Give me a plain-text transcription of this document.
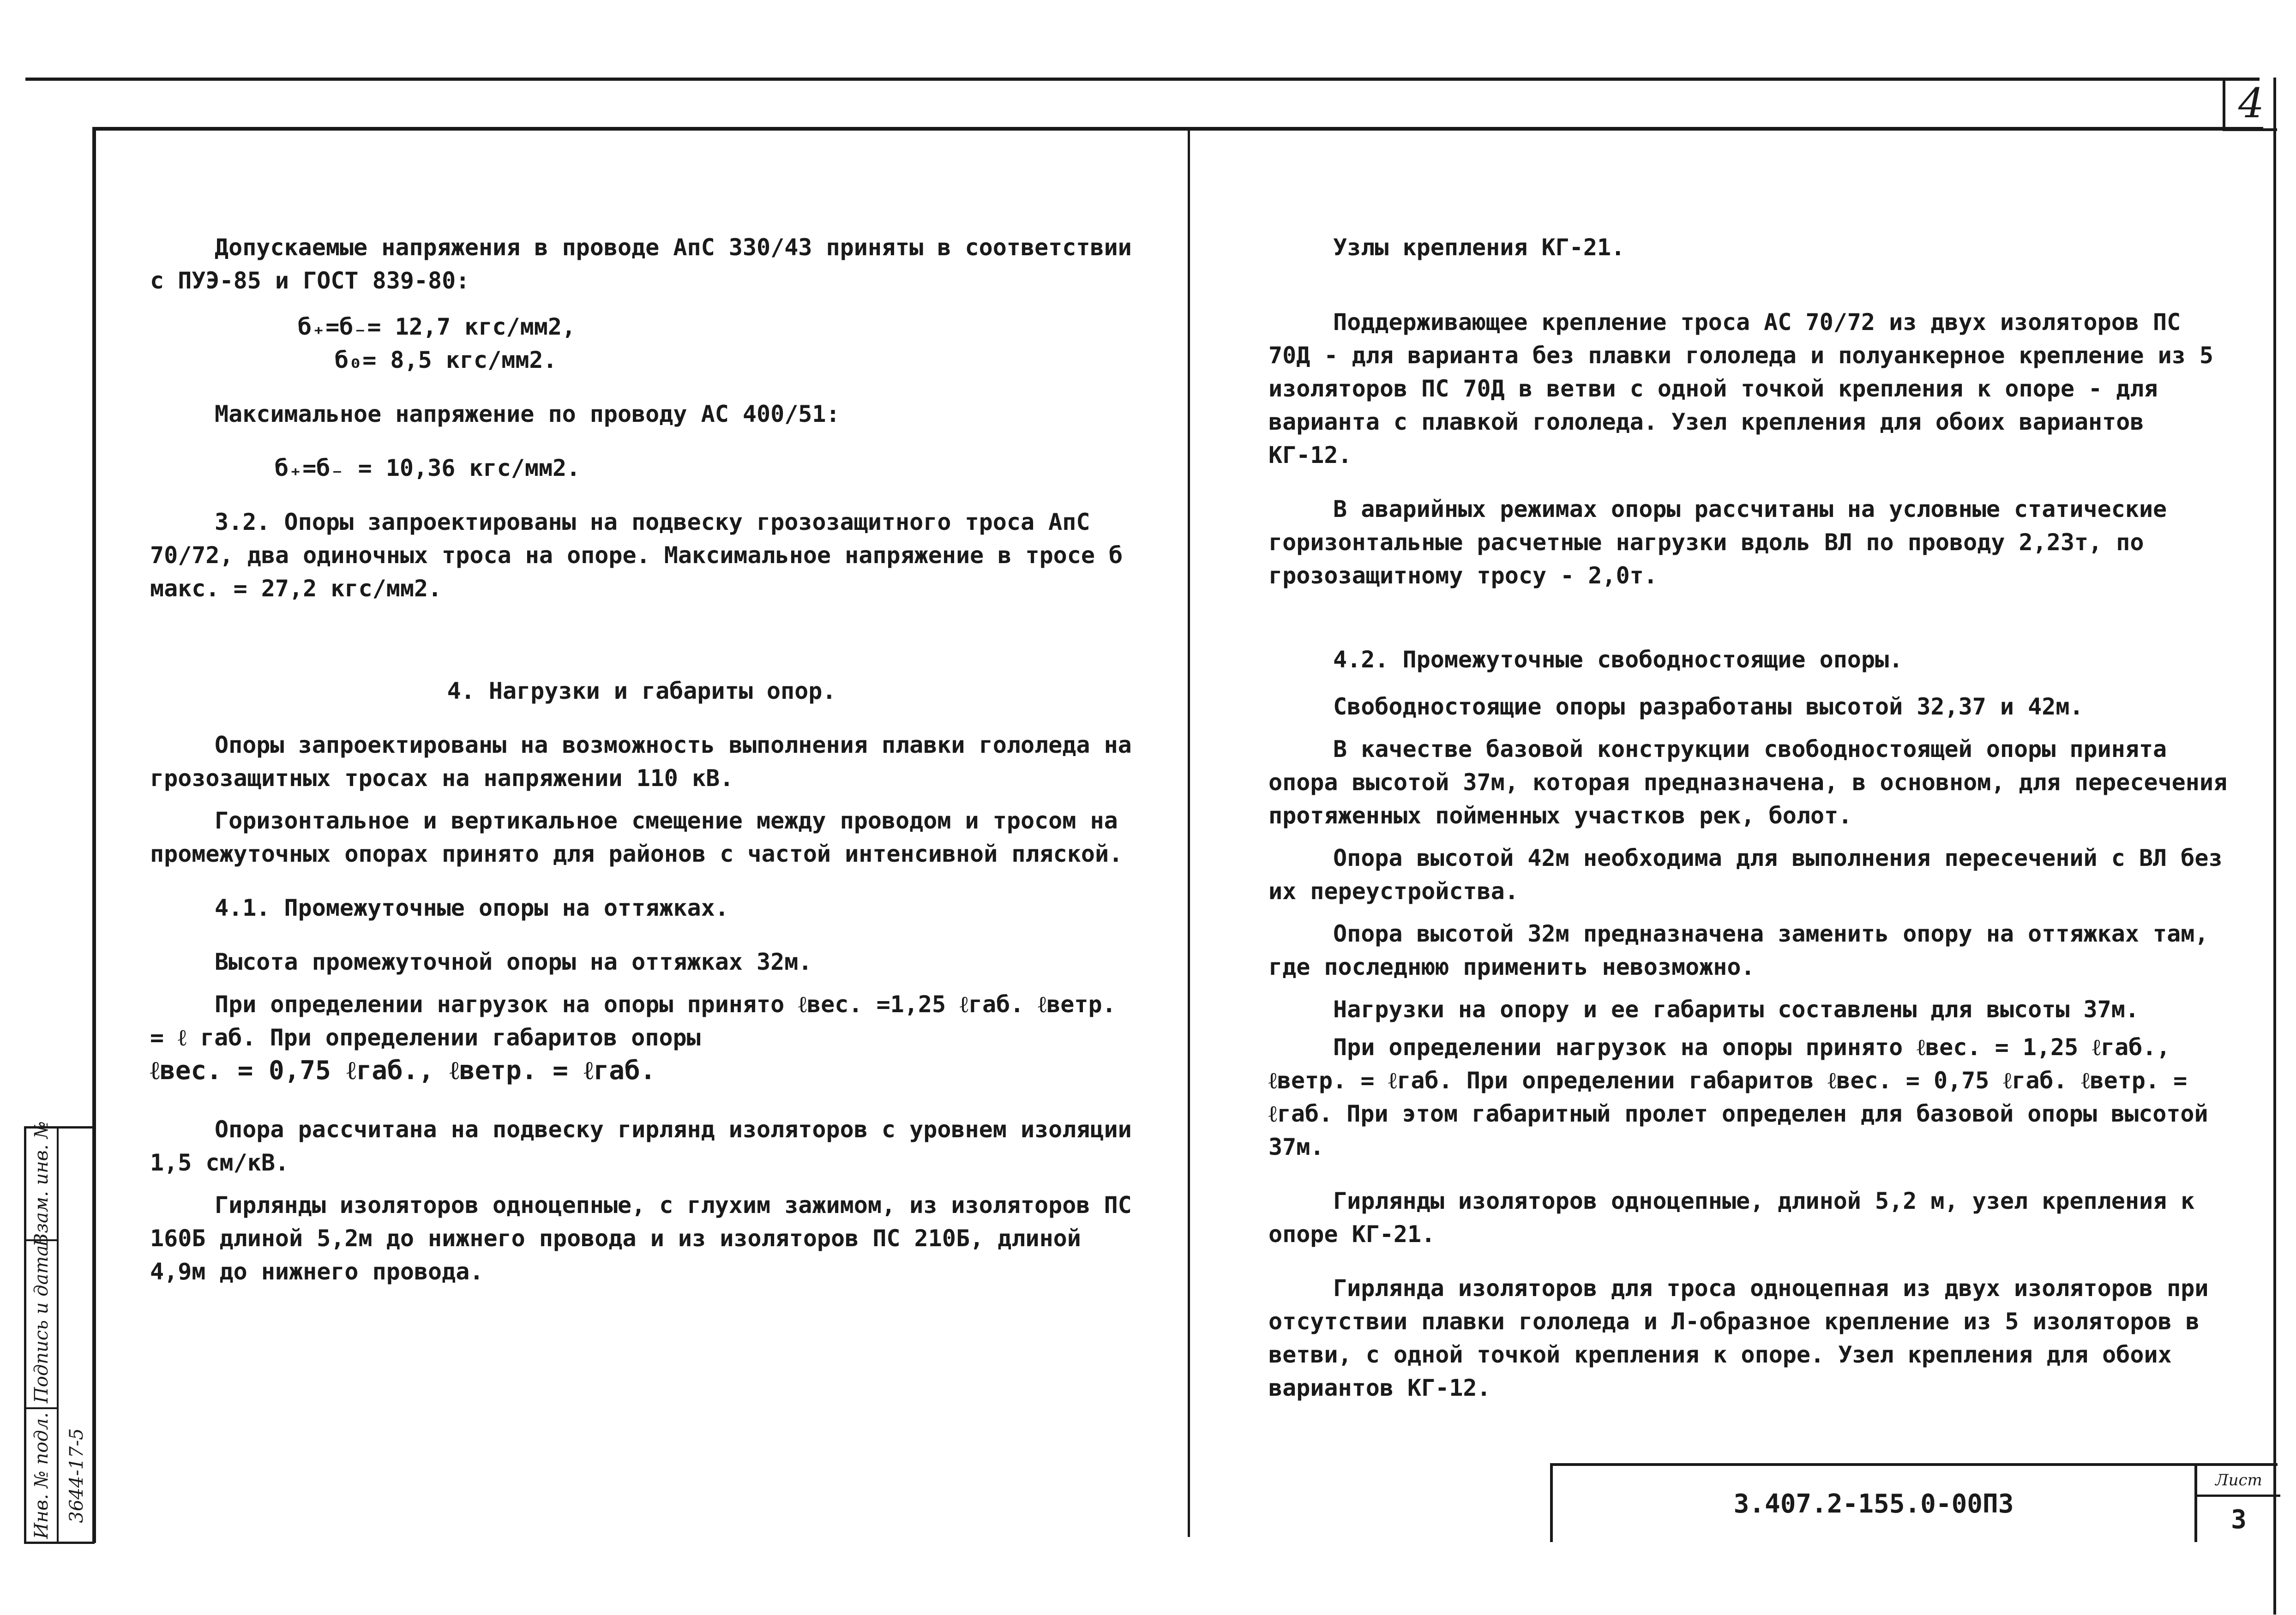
4
Взам. инв. №
Подпись и дата
Инв. № подл. 3644-17-5

Допускаемые напряжения в проводе АпС 330/43 приняты в соответствии с ПУЭ-85 и ГОСТ 839-80:

б₊=б₋= 12,7 кгс/мм2,

б₀= 8,5 кгс/мм2.

Максимальное напряжение по проводу АС 400/51:

б₊=б₋ = 10,36 кгс/мм2.

3.2. Опоры запроектированы на подвеску грозозащитного троса АпС 70/72, два одиночных троса на опоре. Максимальное напряжение в тросе б макс. = 27,2 кгс/мм2.

4. Нагрузки и габариты опор.

Опоры запроектированы на возможность выполнения плавки гололеда на грозозащитных тросах на напряжении 110 кВ.

Горизонтальное и вертикальное смещение между проводом и тросом на промежуточных опорах принято для районов с частой интенсивной пляской.

4.1. Промежуточные опоры на оттяжках.

Высота промежуточной опоры на оттяжках 32м.

При определении нагрузок на опоры принято ℓвес. =1,25 ℓгаб. ℓветр. = ℓ габ. При определении габаритов опоры

ℓвес. = 0,75 ℓгаб., ℓветр. = ℓгаб.

Опора рассчитана на подвеску гирлянд изоляторов с уровнем изоляции 1,5 см/кВ.

Гирлянды изоляторов одноцепные, с глухим зажимом, из изоляторов ПС 160Б длиной 5,2м до нижнего провода и из изоляторов ПС 210Б, длиной 4,9м до нижнего провода.

Узлы крепления КГ-21.

Поддерживающее крепление троса АС 70/72 из двух изоляторов ПС 70Д - для варианта без плавки гололеда и полуанкерное крепление из 5 изоляторов ПС 70Д в ветви с одной точкой крепления к опоре - для варианта с плавкой гололеда. Узел крепления для обоих вариантов КГ-12.

В аварийных режимах опоры рассчитаны на условные статические горизонтальные расчетные нагрузки вдоль ВЛ по проводу 2,23т, по грозозащитному тросу - 2,0т.

4.2. Промежуточные свободностоящие опоры.

Свободностоящие опоры разработаны высотой 32,37 и 42м.

В качестве базовой конструкции свободностоящей опоры принята опора высотой 37м, которая предназначена, в основном, для пересечения протяженных пойменных участков рек, болот.

Опора высотой 42м необходима для выполнения пересечений с ВЛ без их переустройства.

Опора высотой 32м предназначена заменить опору на оттяжках там, где последнюю применить невозможно.

Нагрузки на опору и ее габариты составлены для высоты 37м.

При определении нагрузок на опоры принято ℓвес. = 1,25 ℓгаб., ℓветр. = ℓгаб. При определении габаритов ℓвес. = 0,75 ℓгаб. ℓветр. = ℓгаб. При этом габаритный пролет определен для базовой опоры высотой 37м.

Гирлянды изоляторов одноцепные, длиной 5,2 м, узел крепления к опоре КГ-21.

Гирлянда изоляторов для троса одноцепная из двух изоляторов при отсутствии плавки гололеда и Л-образное крепление из 5 изоляторов в ветви, с одной точкой крепления к опоре. Узел крепления для обоих вариантов КГ-12.

3.407.2-155.0-00ПЗ
Лист
3
